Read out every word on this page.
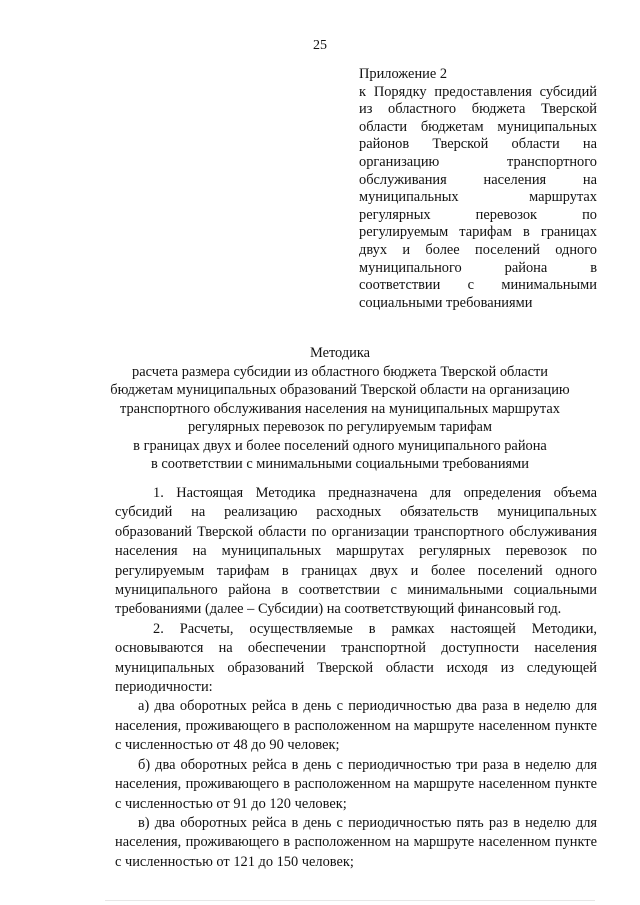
25
Приложение 2
к Порядку предоставления субсидий из областного бюджета Тверской области бюджетам муниципальных районов Тверской области на организацию транспортного обслуживания населения на муниципальных маршрутах регулярных перевозок по регулируемым тарифам в границах двух и более поселений одного муниципального района в соответствии с минимальными социальными требованиями
Методика
расчета размера субсидии из областного бюджета Тверской области
бюджетам муниципальных образований Тверской области на организацию
транспортного обслуживания населения на муниципальных маршрутах
регулярных перевозок по регулируемым тарифам
в границах двух и более поселений одного муниципального района
в соответствии с минимальными социальными требованиями

1. Настоящая Методика предназначена для определения объема субсидий на реализацию расходных обязательств муниципальных образований Тверской области по организации транспортного обслуживания населения на муниципальных маршрутах регулярных перевозок по регулируемым тарифам в границах двух и более поселений одного муниципального района в соответствии с минимальными социальными требованиями (далее – Субсидии) на соответствующий финансовый год.

2. Расчеты, осуществляемые в рамках настоящей Методики, основываются на обеспечении транспортной доступности населения муниципальных образований Тверской области исходя из следующей периодичности:

а) два оборотных рейса в день с периодичностью два раза в неделю для населения, проживающего в расположенном на маршруте населенном пункте с численностью от 48 до 90 человек;

б) два оборотных рейса в день с периодичностью три раза в неделю для населения, проживающего в расположенном на маршруте населенном пункте с численностью от 91 до 120 человек;

в) два оборотных рейса в день с периодичностью пять раз в неделю для населения, проживающего в расположенном на маршруте населенном пункте с численностью от 121 до 150 человек;
